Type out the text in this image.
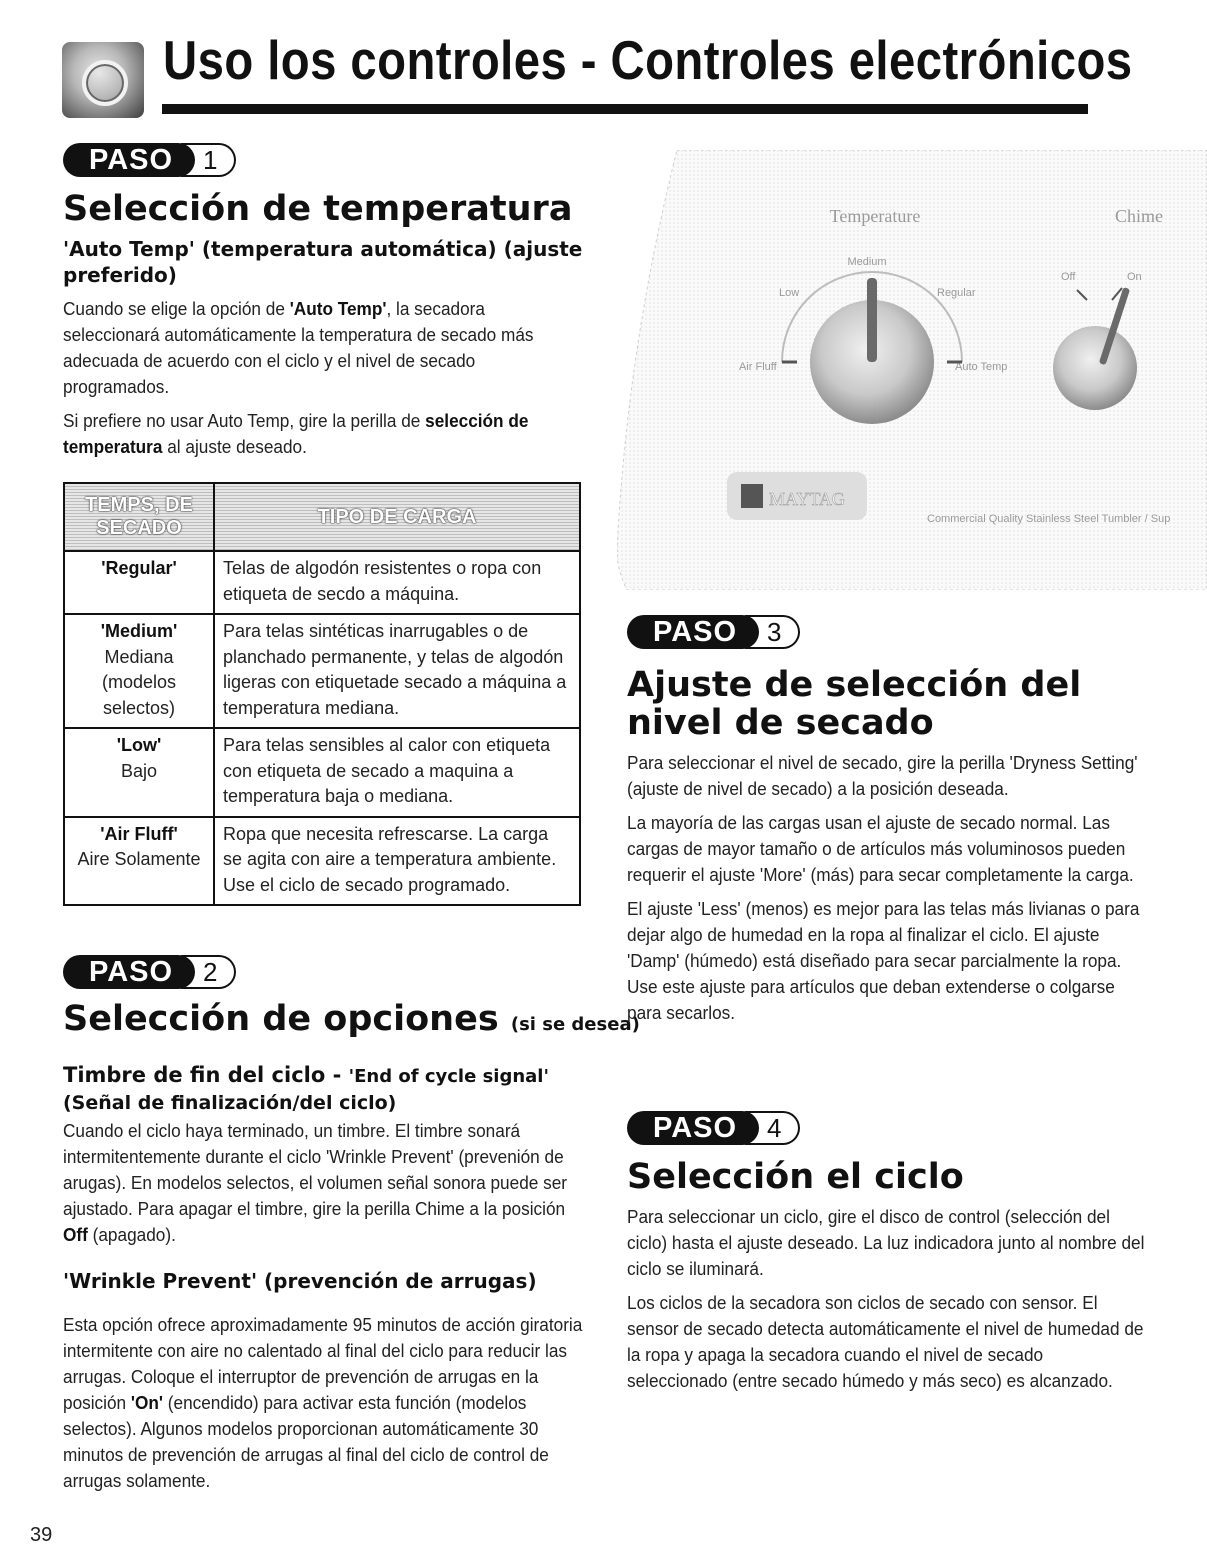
Uso los controles - Controles electrónicos
PASO	1
Selección de temperatura
'Auto Temp' (temperatura automática) (ajuste preferido)
Cuando se elige la opción de 'Auto Temp', la secadora seleccionará automáticamente la temperatura de secado más adecuada de acuerdo con el ciclo y el nivel de secado programados.
Si prefiere no usar Auto Temp, gire la perilla de selección de temperatura al ajuste deseado.
TEMPS, DE SECADO	TIPO DE CARGA

'Regular'	Telas de algodón resistentes o ropa con etiqueta de secdo a máquina.

'Medium'
Mediana (modelos selectos)	Para telas sintéticas inarrugables o de planchado permanente, y telas de algodón ligeras con etiquetade secado a máquina a temperatura mediana.

'Low'
Bajo	Para telas sensibles al calor con etiqueta con etiqueta de secado a maquina a temperatura baja o mediana.

'Air Fluff'
Aire Solamente	Ropa que necesita refrescarse. La carga se agita con aire a temperatura ambiente. Use el ciclo de secado programado.
PASO	2
Selección de opciones (si se desea)
Timbre de fin del ciclo - 'End of cycle signal'
(Señal de finalización/del ciclo)
Cuando el ciclo haya terminado, un timbre. El timbre sonará intermitentemente durante el ciclo 'Wrinkle Prevent' (prevenión de arugas). En modelos selectos, el volumen señal sonora puede ser ajustado. Para apagar el timbre, gire la perilla Chime a la posición Off (apagado).
'Wrinkle Prevent' (prevención de arrugas)
Esta opción ofrece aproximadamente 95 minutos de acción giratoria intermitente con aire no calentado al final del ciclo para reducir las arrugas. Coloque el interruptor de prevención de arrugas en la posición 'On' (encendido) para activar esta función (modelos selectos). Algunos modelos proporcionan automáticamente 30 minutos de prevención de arrugas al final del ciclo de control de arrugas solamente.
Temperature	Chime
Medium
Low	Regular
Air Fluff	Auto Temp
Off	On
MAYTAG
Commercial Quality Stainless Steel Tumbler / Sup
PASO	3
Ajuste de selección del nivel de secado
Para seleccionar el nivel de secado, gire la perilla 'Dryness Setting' (ajuste de nivel de secado) a la posición deseada.
La mayoría de las cargas usan el ajuste de secado normal. Las cargas de mayor tamaño o de artículos más voluminosos pueden requerir el ajuste 'More' (más) para secar completamente la carga.
El ajuste 'Less' (menos) es mejor para las telas más livianas o para dejar algo de humedad en la ropa al finalizar el ciclo. El ajuste 'Damp' (húmedo) está diseñado para secar parcialmente la ropa. Use este ajuste para artículos que deban extenderse o colgarse para secarlos.
PASO	4
Selección el ciclo
Para seleccionar un ciclo, gire el disco de control (selección del ciclo) hasta el ajuste deseado. La luz indicadora junto al nombre del ciclo se iluminará.
Los ciclos de la secadora son ciclos de secado con sensor. El sensor de secado detecta automáticamente el nivel de humedad de la ropa y apaga la secadora cuando el nivel de secado seleccionado (entre secado húmedo y más seco) es alcanzado.
39
